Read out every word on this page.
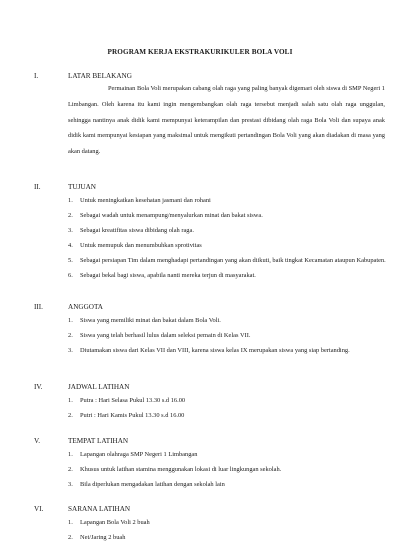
PROGRAM KERJA EKSTRAKURIKULER BOLA VOLI
I.	LATAR BELAKANG
Permainan Bola Voli merupakan cabang olah raga yang paling banyak digemari oleh siswa di SMP Negeri 1 Limbangan. Oleh karena itu kami ingin mengembangkan olah raga tersebut menjadi salah satu olah raga unggulan, sehingga nantinya anak didik kami mempunyai keterampilan dan prestasi dibidang olah raga Bola Voli dan supaya anak didik kami mempunyai kesiapan yang maksimal untuk mengikuti pertandingan Bola Voli yang akan diadakan di masa yang akan datang.
II.	TUJUAN
1. Untuk meningkatkan kesehatan jasmani dan rohani
2. Sebagai wadah untuk menampung/menyalurkan minat dan bakat siswa.
3. Sebagai kreatifitas siswa dibidang olah raga.
4. Untuk memupuk dan menumbuhkan sprotivitas
5. Sebagai persiapan Tim dalam menghadapi pertandingan yang akan diikuti, baik tingkat Kecamatan ataupun Kabupaten.
6. Sebagai bekal bagi siswa, apabila nanti mereka terjun di masyarakat.
III.	ANGGOTA
1. Siswa yang memiliki minat dan bakat dalam Bola Voli.
2. Siswa yang telah berhasil lulus dalam seleksi pemain di Kelas VII.
3. Diutamakan siswa dari Kelas VII dan VIII, karena siswa kelas IX merupakan siswa yang siap bertanding.
IV.	JADWAL LATIHAN
1. Putra : Hari Selasa Pukul 13.30 s.d 16.00
2. Putri : Hari Kamis Pukul 13.30 s.d 16.00
V.	TEMPAT LATIHAN
1. Lapangan olahraga SMP Negeri 1 Limbangan
2. Khusus untuk latihan stamina menggunakan lokasi di luar lingkungan sekolah.
3. Bila diperlukan mengadakan latihan dengan sekolah lain
VI.	SARANA LATIHAN
1. Lapangan Bola Voli 2 buah
2. Net/Jaring 2 buah
